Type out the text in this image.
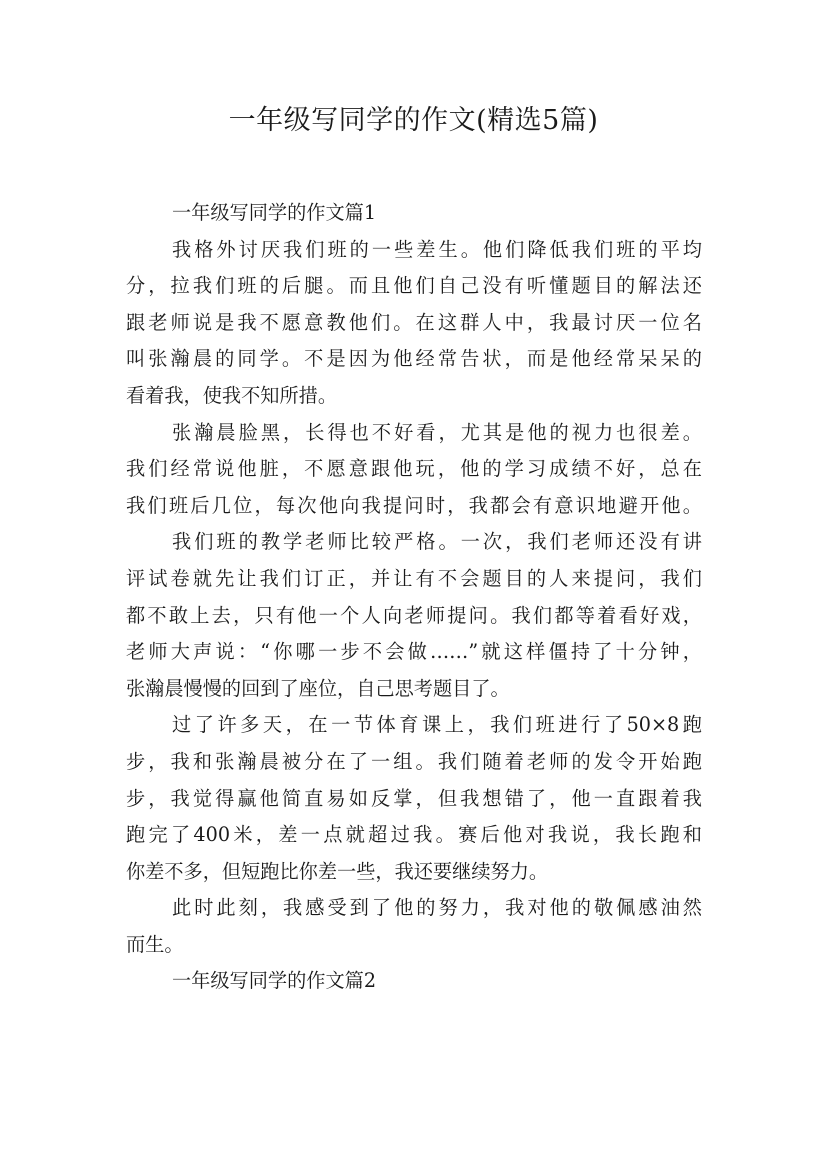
一年级写同学的作文(精选5篇)
一年级写同学的作文篇1
我格外讨厌我们班的一些差生。他们降低我们班的平均
分，拉我们班的后腿。而且他们自己没有听懂题目的解法还
跟老师说是我不愿意教他们。在这群人中，我最讨厌一位名
叫张瀚晨的同学。不是因为他经常告状，而是他经常呆呆的
看着我，使我不知所措。
张瀚晨脸黑，长得也不好看，尤其是他的视力也很差。
我们经常说他脏，不愿意跟他玩，他的学习成绩不好，总在
我们班后几位，每次他向我提问时，我都会有意识地避开他。
我们班的教学老师比较严格。一次，我们老师还没有讲
评试卷就先让我们订正，并让有不会题目的人来提问，我们
都不敢上去，只有他一个人向老师提问。我们都等着看好戏，
老师大声说：“你哪一步不会做……”就这样僵持了十分钟，
张瀚晨慢慢的回到了座位，自己思考题目了。
过了许多天，在一节体育课上，我们班进行了50×8跑
步，我和张瀚晨被分在了一组。我们随着老师的发令开始跑
步，我觉得赢他简直易如反掌，但我想错了，他一直跟着我
跑完了400米，差一点就超过我。赛后他对我说，我长跑和
你差不多，但短跑比你差一些，我还要继续努力。
此时此刻，我感受到了他的努力，我对他的敬佩感油然
而生。
一年级写同学的作文篇2
